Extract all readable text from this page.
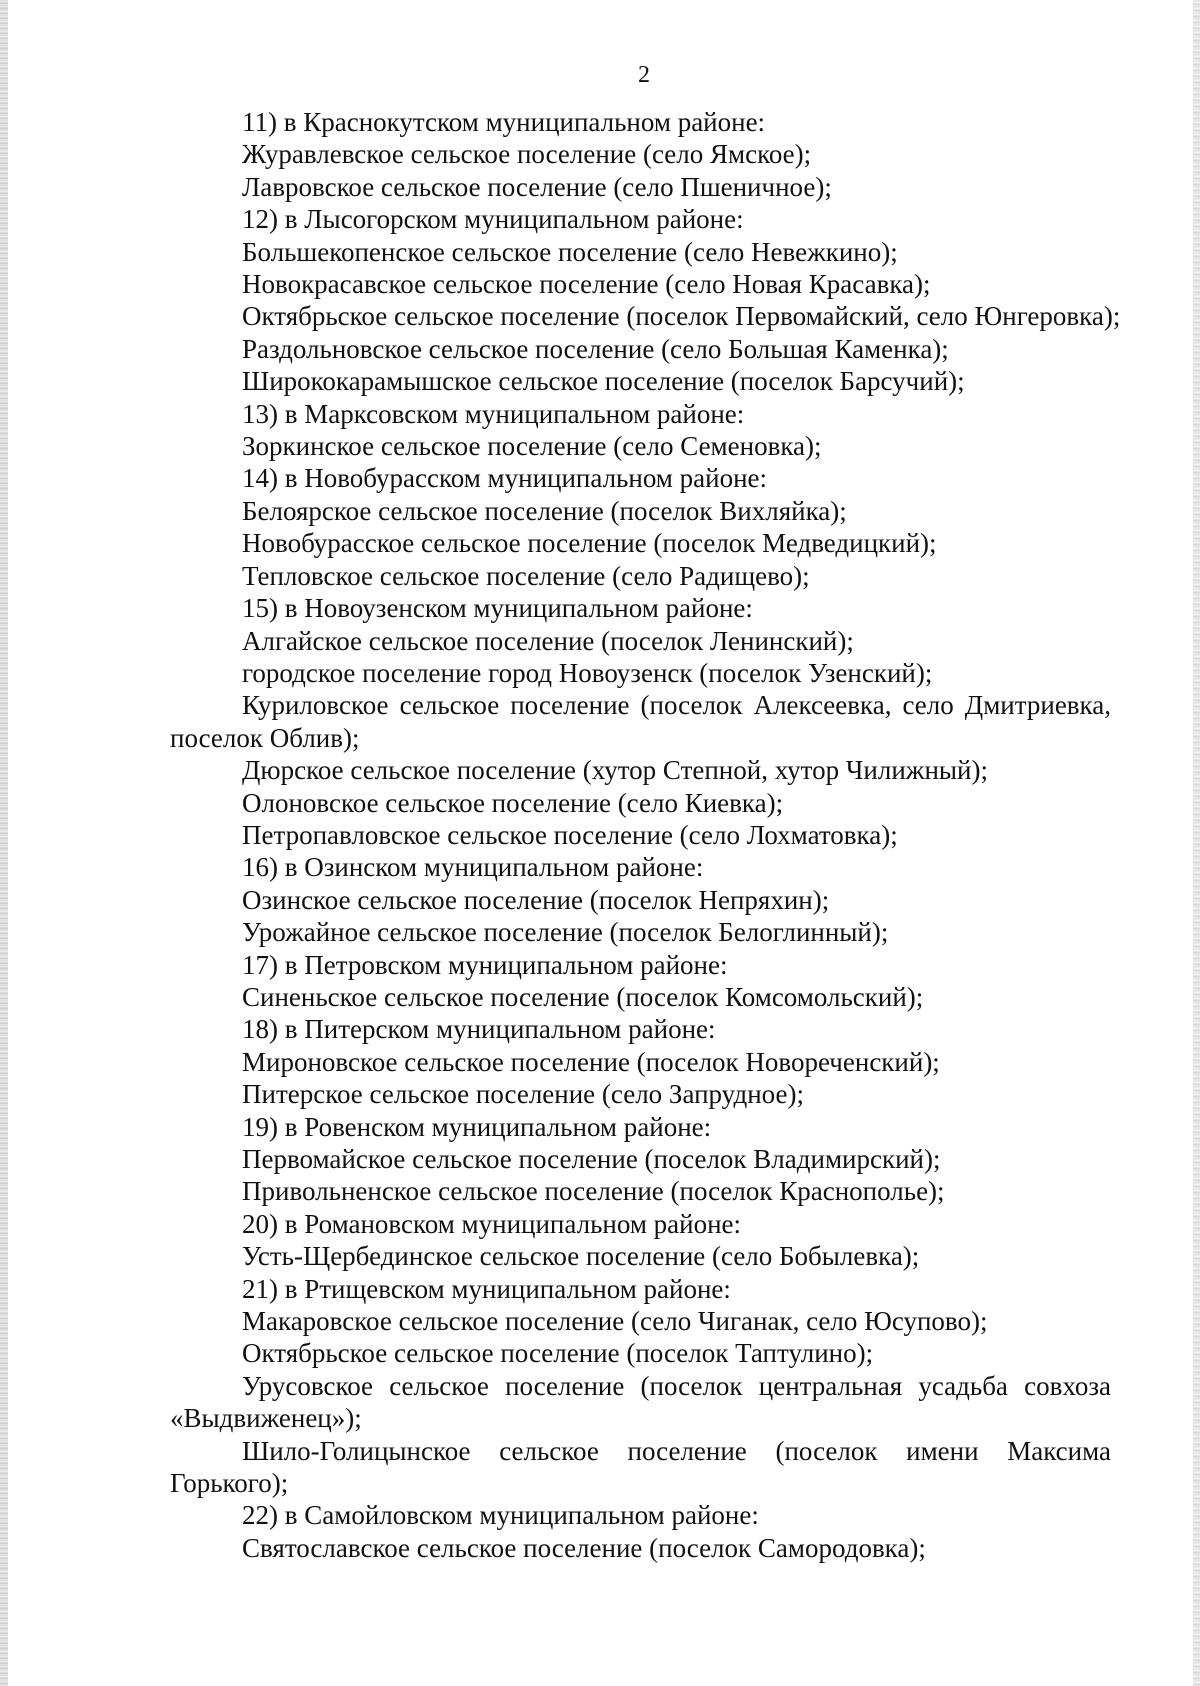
2

11) в Краснокутском муниципальном районе:

Журавлевское сельское поселение (село Ямское);

Лавровское сельское поселение (село Пшеничное);

12) в Лысогорском муниципальном районе:

Большекопенское сельское поселение (село Невежкино);

Новокрасавское сельское поселение (село Новая Красавка);

Октябрьское сельское поселение (поселок Первомайский, село Юнгеровка);

Раздольновское сельское поселение (село Большая Каменка);

Ширококарамышское сельское поселение (поселок Барсучий);

13) в Марксовском муниципальном районе:

Зоркинское сельское поселение (село Семеновка);

14) в Новобурасском муниципальном районе:

Белоярское сельское поселение (поселок Вихляйка);

Новобурасское сельское поселение (поселок Медведицкий);

Тепловское сельское поселение (село Радищево);

15) в Новоузенском муниципальном районе:

Алгайское сельское поселение (поселок Ленинский);

городское поселение город Новоузенск (поселок Узенский);

Куриловское сельское поселение (поселок Алексеевка, село Дмитриевка, поселок Облив);

Дюрское сельское поселение (хутор Степной, хутор Чилижный);

Олоновское сельское поселение (село Киевка);

Петропавловское сельское поселение (село Лохматовка);

16) в Озинском муниципальном районе:

Озинское сельское поселение (поселок Непряхин);

Урожайное сельское поселение (поселок Белоглинный);

17) в Петровском муниципальном районе:

Синеньское сельское поселение (поселок Комсомольский);

18) в Питерском муниципальном районе:

Мироновское сельское поселение (поселок Новореченский);

Питерское сельское поселение (село Запрудное);

19) в Ровенском муниципальном районе:

Первомайское сельское поселение (поселок Владимирский);

Привольненское сельское поселение (поселок Краснополье);

20) в Романовском муниципальном районе:

Усть-Щербединское сельское поселение (село Бобылевка);

21) в Ртищевском муниципальном районе:

Макаровское сельское поселение (село Чиганак, село Юсупово);

Октябрьское сельское поселение (поселок Таптулино);

Урусовское сельское поселение (поселок центральная усадьба совхоза «Выдвиженец»);

Шило-Голицынское сельское поселение (поселок имени Максима Горького);

22) в Самойловском муниципальном районе:

Святославское сельское поселение (поселок Самородовка);
